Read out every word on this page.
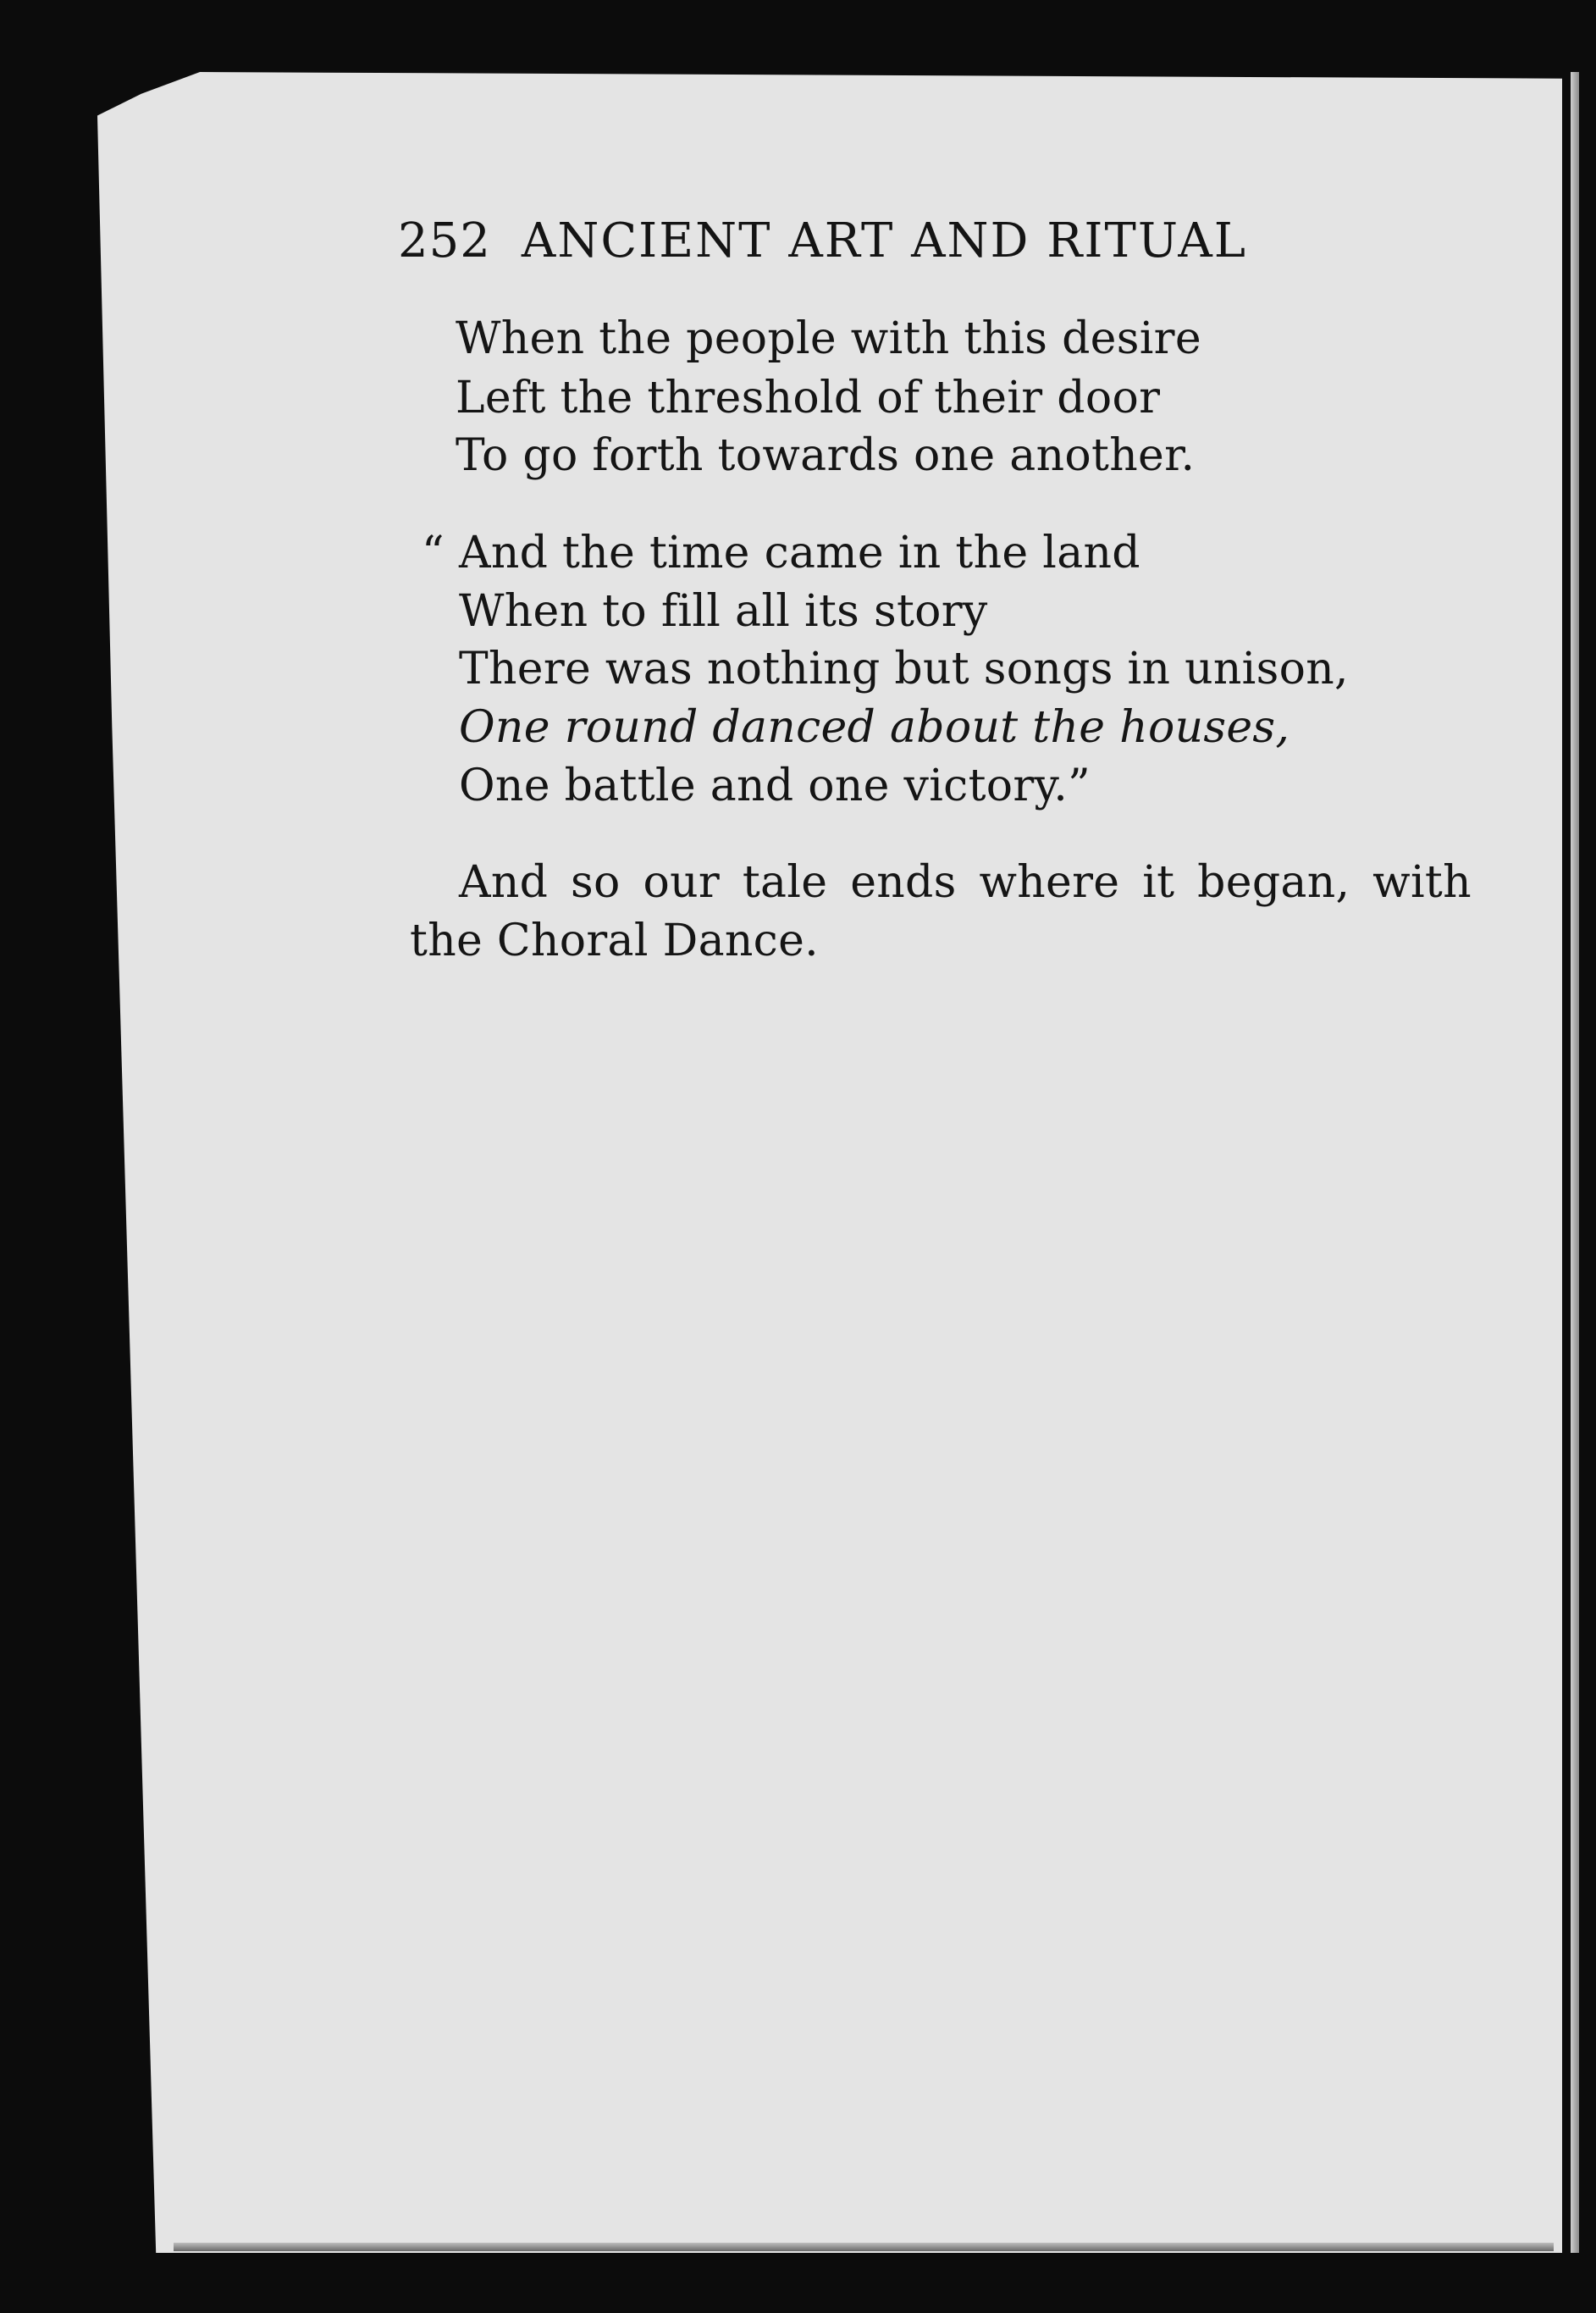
252 ANCIENT ART AND RITUAL
When the people with this desire
Left the threshold of their door
To go forth towards one another.
“ And the time came in the land
When to fill all its story
There was nothing but songs in unison,
One round danced about the houses,
One battle and one victory.”
And so our tale ends where it began, with
the Choral Dance.
